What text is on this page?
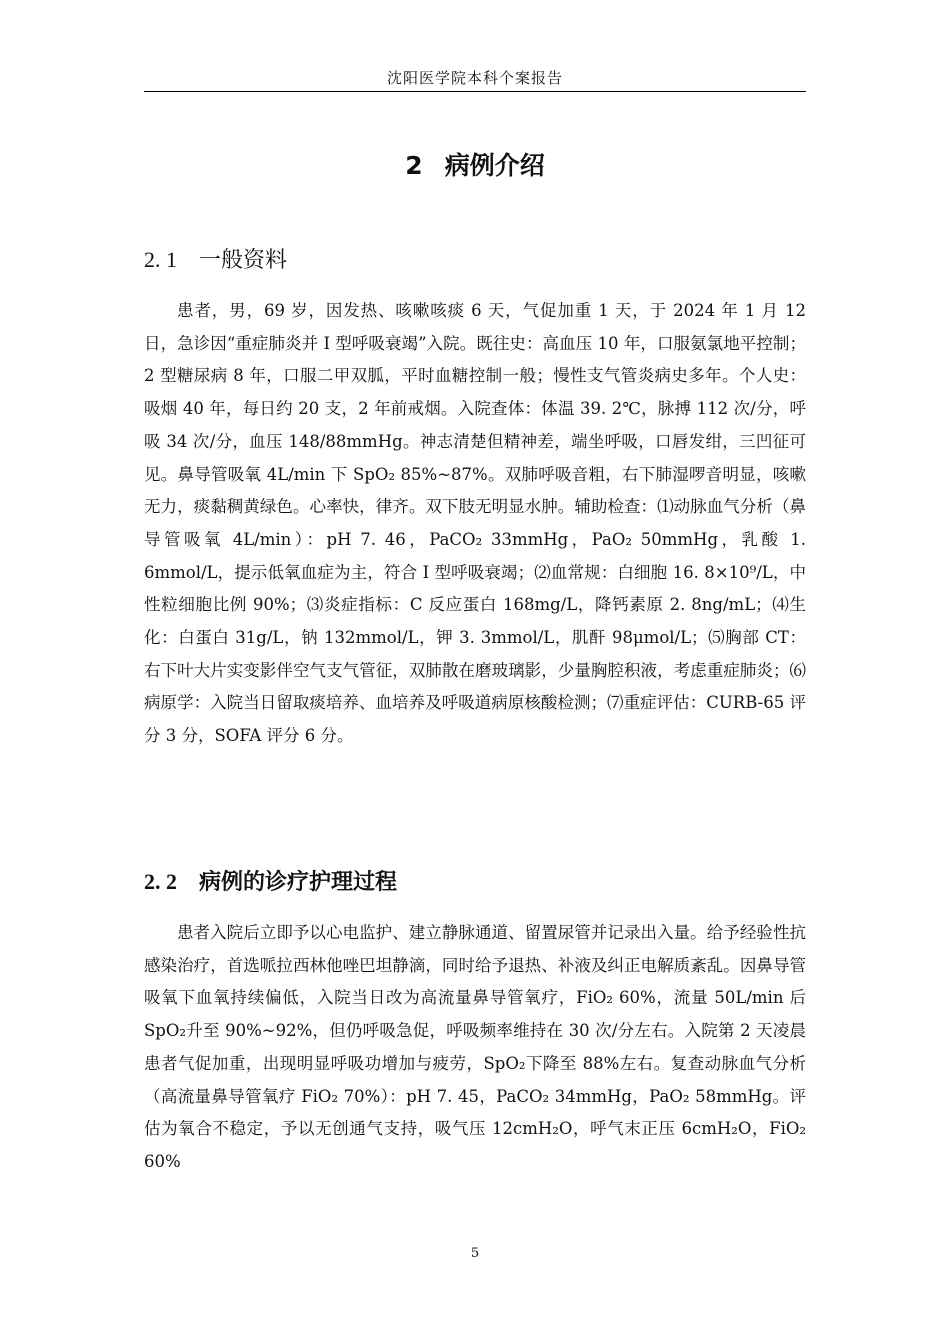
沈阳医学院本科个案报告
2 病例介绍
2. 1 一般资料

患者，男，69 岁，因发热、咳嗽咳痰 6 天，气促加重 1 天，于 2024 年 1 月 12 日，急诊因“重症肺炎并 I 型呼吸衰竭”入院。既往史：高血压 10 年，口服氨氯地平控制；2 型糖尿病 8 年，口服二甲双胍，平时血糖控制一般；慢性支气管炎病史多年。个人史：吸烟 40 年，每日约 20 支，2 年前戒烟。入院查体：体温 39. 2℃，脉搏 112 次/分，呼吸 34 次/分，血压 148/88mmHg。神志清楚但精神差，端坐呼吸，口唇发绀，三凹征可见。鼻导管吸氧 4L/min 下 SpO₂ 85%~87%。双肺呼吸音粗，右下肺湿啰音明显，咳嗽无力，痰黏稠黄绿色。心率快，律齐。双下肢无明显水肿。辅助检查：⑴动脉血气分析（鼻导管吸氧 4L/min）：pH 7. 46，PaCO₂ 33mmHg，PaO₂ 50mmHg，乳酸 1. 6mmol/L，提示低氧血症为主，符合 I 型呼吸衰竭；⑵血常规：白细胞 16. 8×10⁹/L，中性粒细胞比例 90%；⑶炎症指标：C 反应蛋白 168mg/L，降钙素原 2. 8ng/mL；⑷生化：白蛋白 31g/L，钠 132mmol/L，钾 3. 3mmol/L，肌酐 98μmol/L；⑸胸部 CT：右下叶大片实变影伴空气支气管征，双肺散在磨玻璃影，少量胸腔积液，考虑重症肺炎；⑹病原学：入院当日留取痰培养、血培养及呼吸道病原核酸检测；⑺重症评估：CURB-65 评分 3 分，SOFA 评分 6 分。

2. 2 病例的诊疗护理过程

患者入院后立即予以心电监护、建立静脉通道、留置尿管并记录出入量。给予经验性抗感染治疗，首选哌拉西林他唑巴坦静滴，同时给予退热、补液及纠正电解质紊乱。因鼻导管吸氧下血氧持续偏低，入院当日改为高流量鼻导管氧疗，FiO₂ 60%，流量 50L/min 后 SpO₂升至 90%~92%，但仍呼吸急促，呼吸频率维持在 30 次/分左右。入院第 2 天凌晨患者气促加重，出现明显呼吸功增加与疲劳，SpO₂下降至 88%左右。复查动脉血气分析（高流量鼻导管氧疗 FiO₂ 70%）：pH 7. 45，PaCO₂ 34mmHg，PaO₂ 58mmHg。评估为氧合不稳定，予以无创通气支持，吸气压 12cmH₂O，呼气末正压 6cmH₂O，FiO₂ 60%

5
